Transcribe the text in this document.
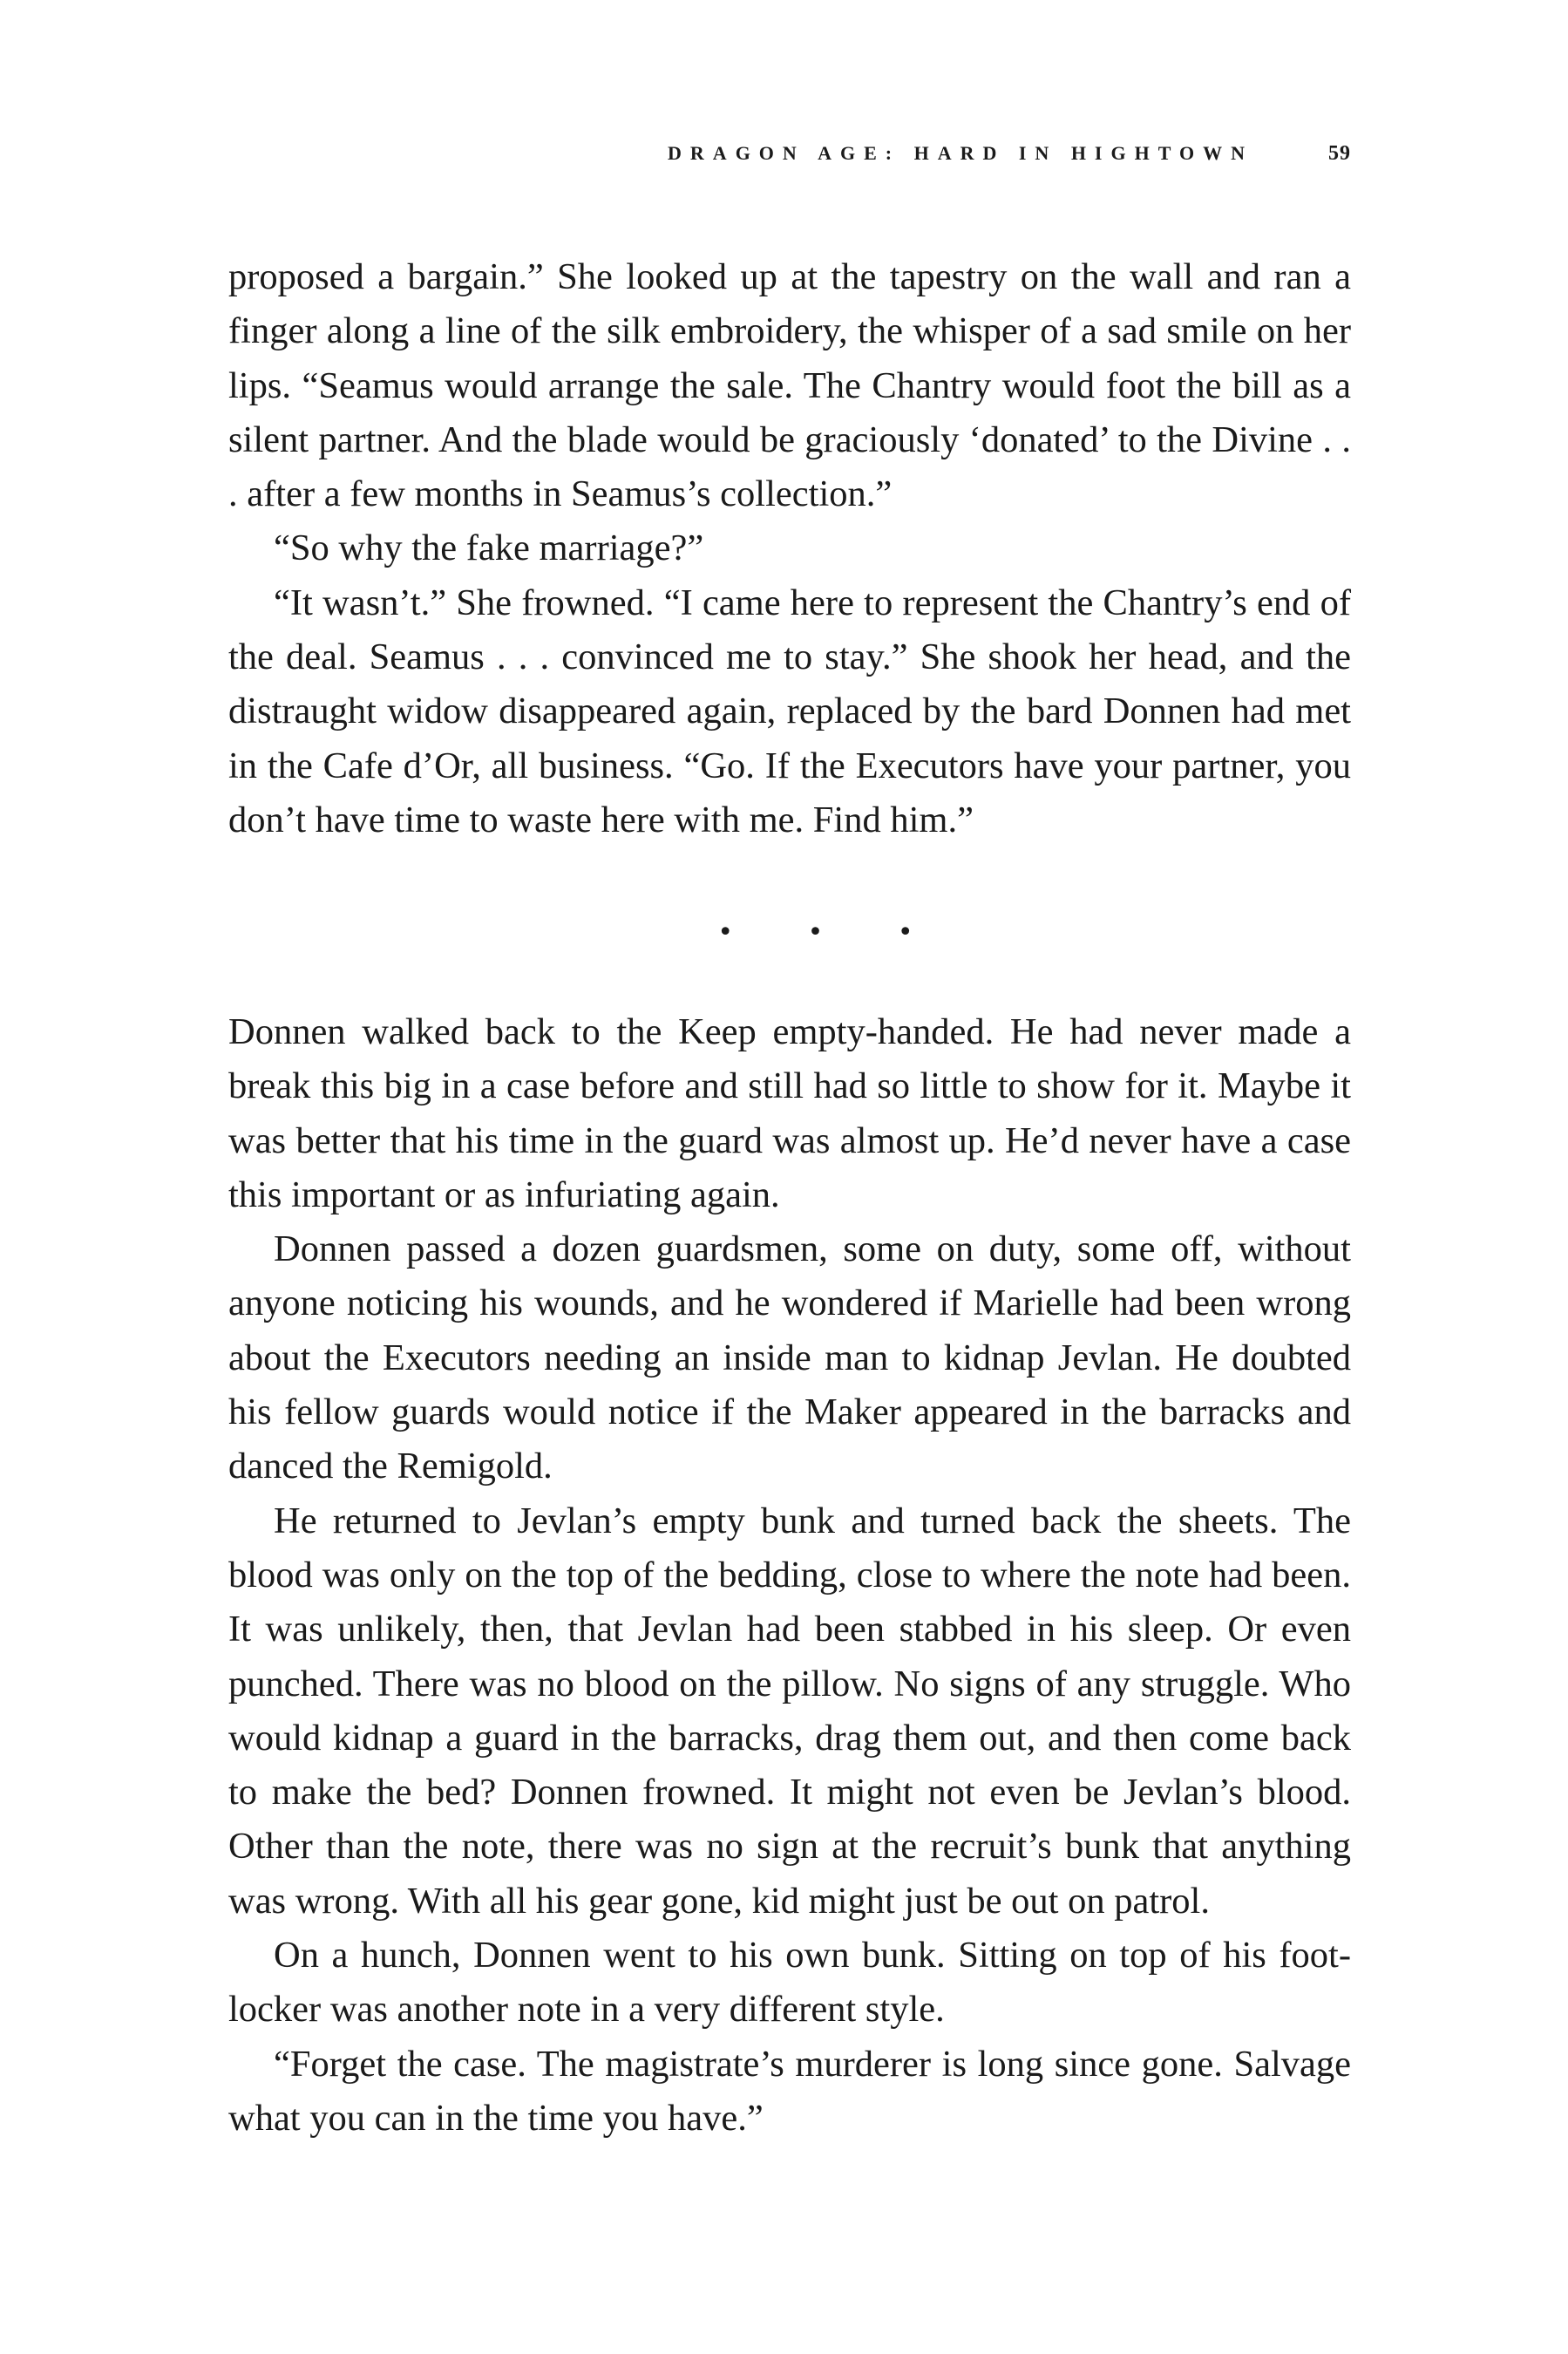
DRAGON AGE: HARD IN HIGHTOWN	59

proposed a bargain.” She looked up at the tapestry on the wall and ran a finger along a line of the silk embroidery, the whisper of a sad smile on her lips. “Seamus would arrange the sale. The Chantry would foot the bill as a silent partner. And the blade would be graciously ‘donated’ to the Divine . . . after a few months in Seamus’s collection.”

“So why the fake marriage?”

“It wasn’t.” She frowned. “I came here to represent the Chantry’s end of the deal. Seamus . . . convinced me to stay.” She shook her head, and the distraught widow disappeared again, replaced by the bard Donnen had met in the Cafe d’Or, all business. “Go. If the Executors have your partner, you don’t have time to waste here with me. Find him.”

• • •

Donnen walked back to the Keep empty-handed. He had never made a break this big in a case before and still had so little to show for it. Maybe it was better that his time in the guard was almost up. He’d never have a case this important or as infuriating again.

Donnen passed a dozen guardsmen, some on duty, some off, without anyone noticing his wounds, and he wondered if Marielle had been wrong about the Executors needing an inside man to kidnap Jevlan. He doubted his fellow guards would notice if the Maker appeared in the barracks and danced the Remigold.

He returned to Jevlan’s empty bunk and turned back the sheets. The blood was only on the top of the bedding, close to where the note had been. It was unlikely, then, that Jevlan had been stabbed in his sleep. Or even punched. There was no blood on the pillow. No signs of any struggle. Who would kidnap a guard in the barracks, drag them out, and then come back to make the bed? Donnen frowned. It might not even be Jevlan’s blood. Other than the note, there was no sign at the recruit’s bunk that anything was wrong. With all his gear gone, kid might just be out on patrol.

On a hunch, Donnen went to his own bunk. Sitting on top of his footlocker was another note in a very different style.

“Forget the case. The magistrate’s murderer is long since gone. Salvage what you can in the time you have.”
